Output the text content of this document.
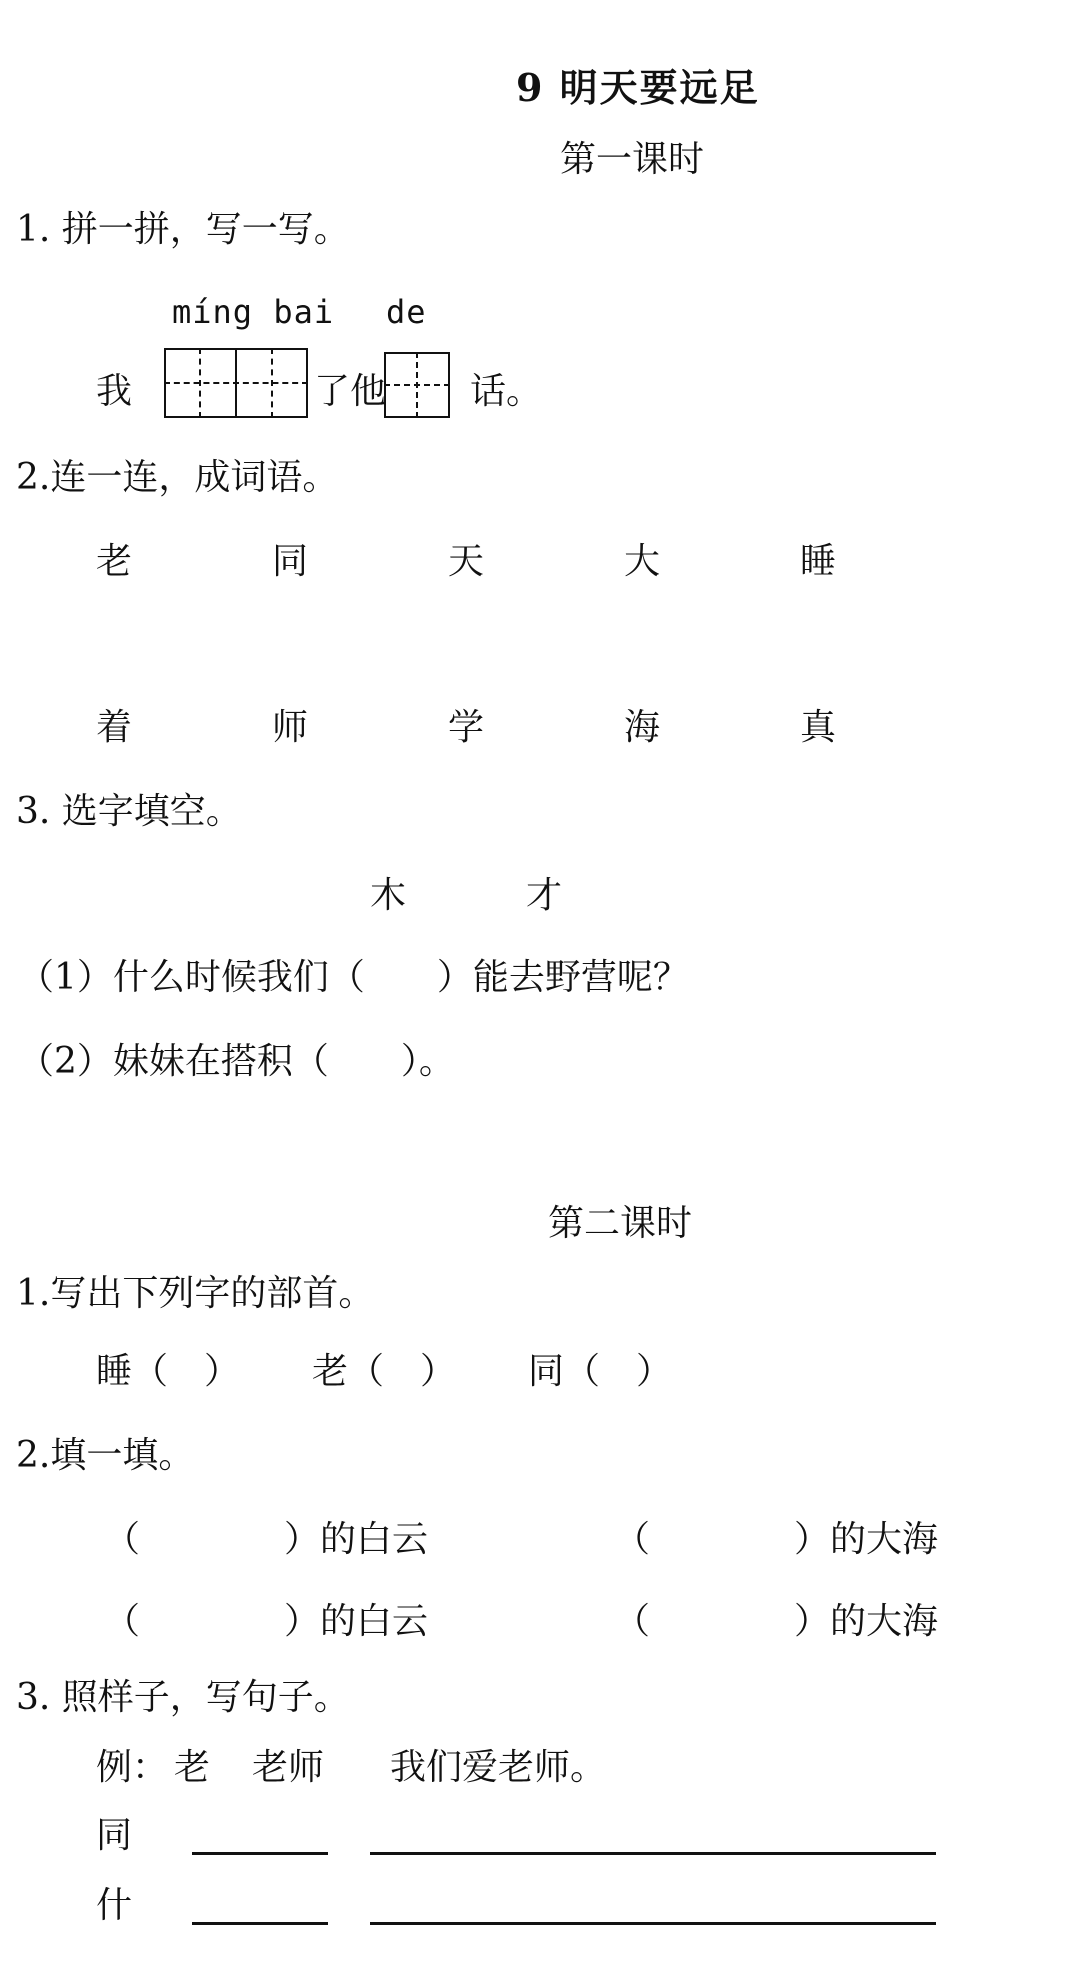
9 明天要远足
第一课时
1. 拼一拼，写一写。
míng bai de
我	了他 话。
2.连一连，成词语。
老	同	天	大	睡
着	师	学	海	真
3. 选字填空。
木	才
（1）什么时候我们（　　）能去野营呢？
（2）妹妹在搭积（　　）。
第二课时
1.写出下列字的部首。
睡（　） 老（　） 同（　）
2.填一填。
（　　　　）的白云	（　　　　）的大海
（　　　　）的白云	（　　　　）的大海
3. 照样子，写句子。
例： 老 老师 我们爱老师。
同
什
